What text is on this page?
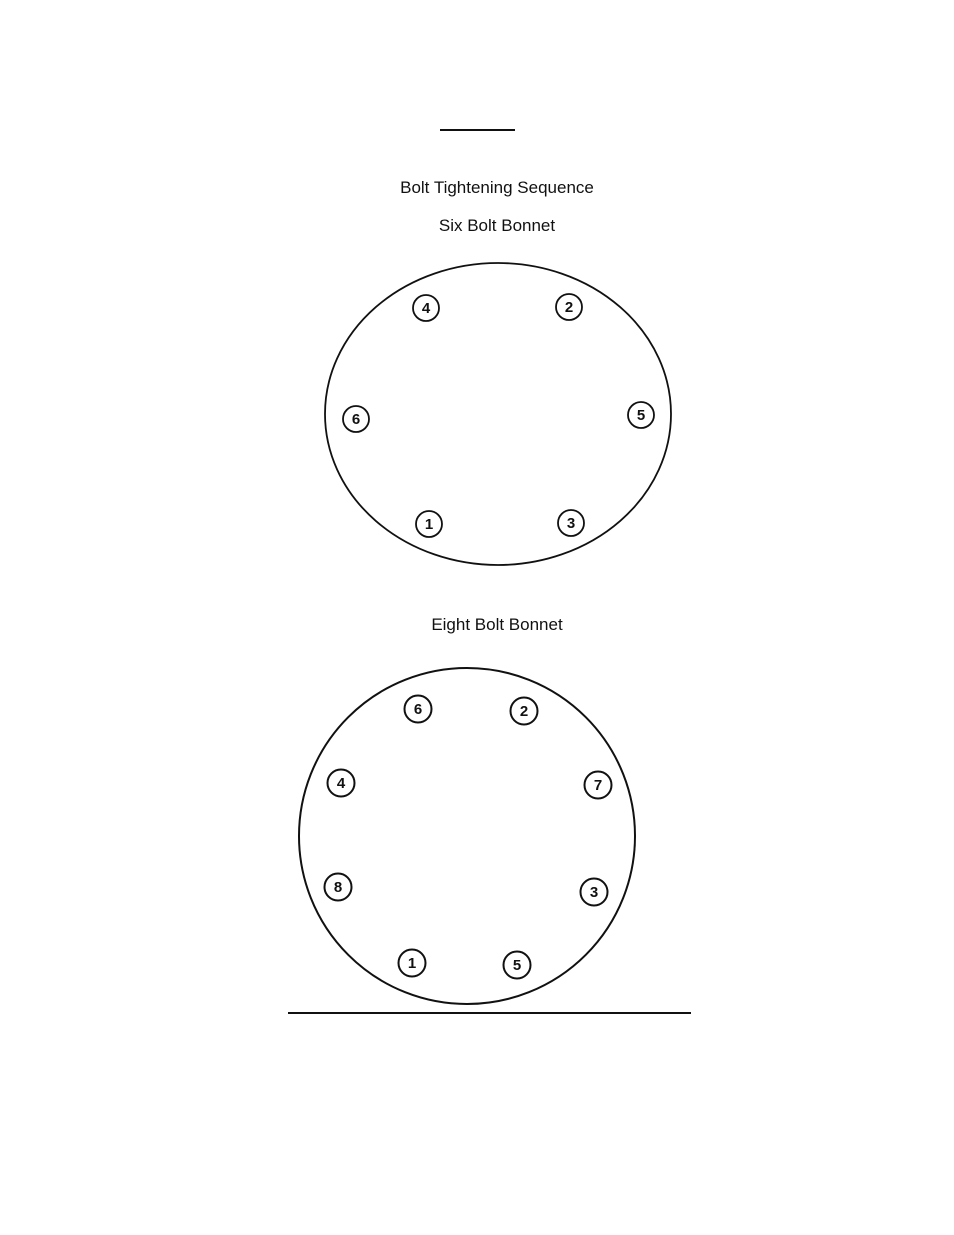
Bolt Tightening Sequence
Six Bolt Bonnet
4	2
6	5
1	3
Eight Bolt Bonnet
6	2
4	7
8	3
1	5
